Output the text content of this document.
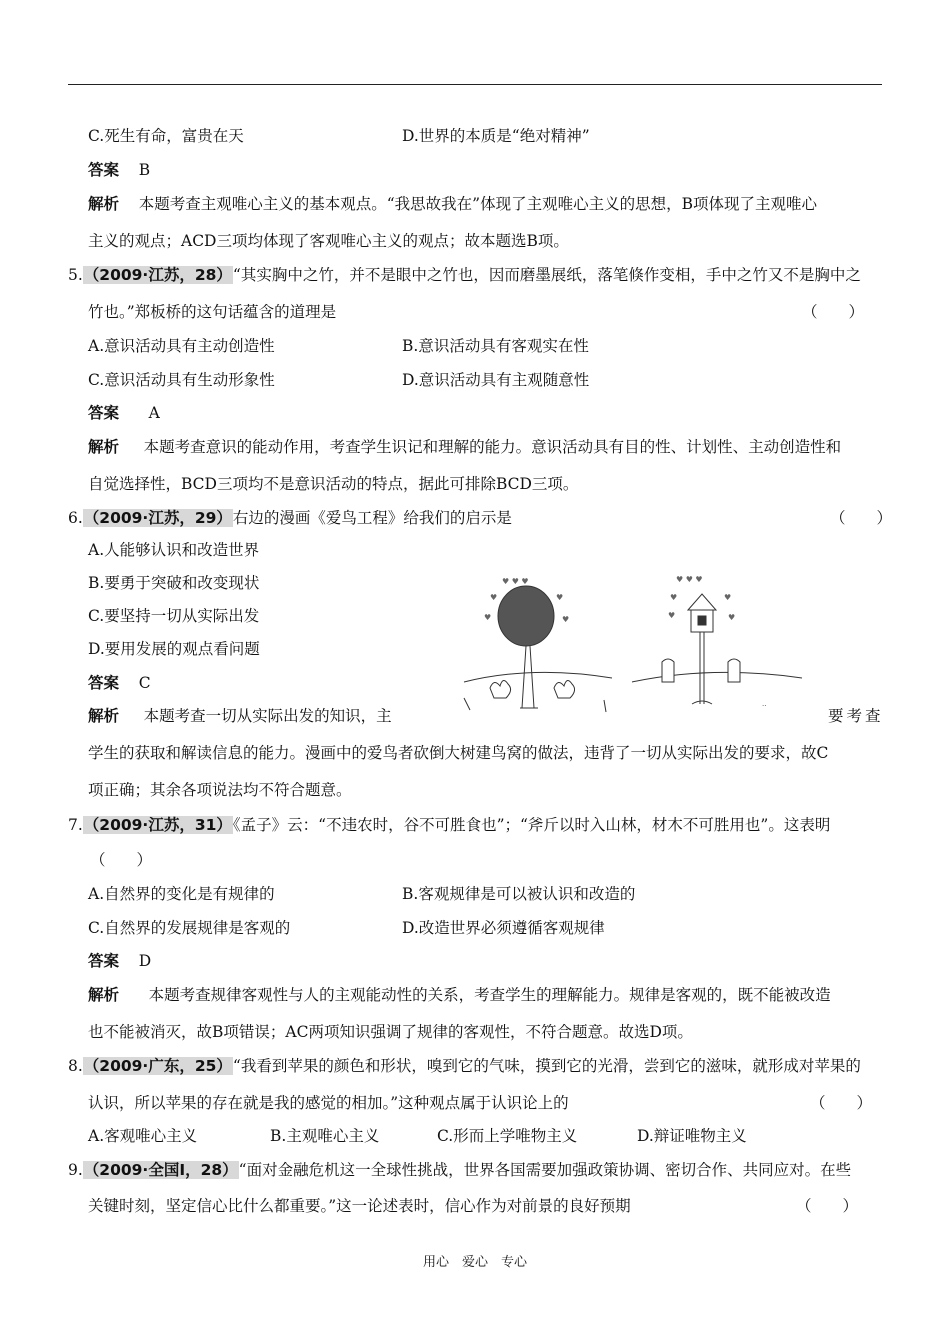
C.死生有命，富贵在天	D.世界的本质是“绝对精神”
答案 B
解析 本题考查主观唯心主义的基本观点。“我思故我在”体现了主观唯心主义的思想，B项体现了主观唯心
主义的观点；ACD三项均体现了客观唯心主义的观点；故本题选B项。
5.（2009·江苏，28）“其实胸中之竹，并不是眼中之竹也，因而磨墨展纸，落笔倏作变相，手中之竹又不是胸中之
竹也。”郑板桥的这句话蕴含的道理是	（　　）
A.意识活动具有主动创造性	B.意识活动具有客观实在性
C.意识活动具有生动形象性	D.意识活动具有主观随意性
答案 A
解析 本题考查意识的能动作用，考查学生识记和理解的能力。意识活动具有目的性、计划性、主动创造性和
自觉选择性，BCD三项均不是意识活动的特点，据此可排除BCD三项。
6.（2009·江苏，29）右边的漫画《爱鸟工程》给我们的启示是	（　　）
A.人能够认识和改造世界
B.要勇于突破和改变现状
C.要坚持一切从实际出发
D.要用发展的观点看问题
答案 C
♥ ♥ ♥
♥	♥
♥	♥
♥ ♥ ♥
♥	♥
♥	♥
..
解析 本题考查一切从实际出发的知识，主	要考查
学生的获取和解读信息的能力。漫画中的爱鸟者砍倒大树建鸟窝的做法，违背了一切从实际出发的要求，故C
项正确；其余各项说法均不符合题意。
7.（2009·江苏，31）《孟子》云：“不违农时，谷不可胜食也”；“斧斤以时入山林，材木不可胜用也”。这表明
（　　）
A.自然界的变化是有规律的	B.客观规律是可以被认识和改造的
C.自然界的发展规律是客观的	D.改造世界必须遵循客观规律
答案 D
解析 本题考查规律客观性与人的主观能动性的关系，考查学生的理解能力。规律是客观的，既不能被改造
也不能被消灭，故B项错误；AC两项知识强调了规律的客观性，不符合题意。故选D项。
8.（2009·广东，25）“我看到苹果的颜色和形状，嗅到它的气味，摸到它的光滑，尝到它的滋味，就形成对苹果的
认识，所以苹果的存在就是我的感觉的相加。”这种观点属于认识论上的	（　　）
A.客观唯心主义	B.主观唯心主义	C.形而上学唯物主义	D.辩证唯物主义
9.（2009·全国Ⅰ，28）“面对金融危机这一全球性挑战，世界各国需要加强政策协调、密切合作、共同应对。在些
关键时刻，坚定信心比什么都重要。”这一论述表时，信心作为对前景的良好预期	（　　）
用心　爱心　专心
